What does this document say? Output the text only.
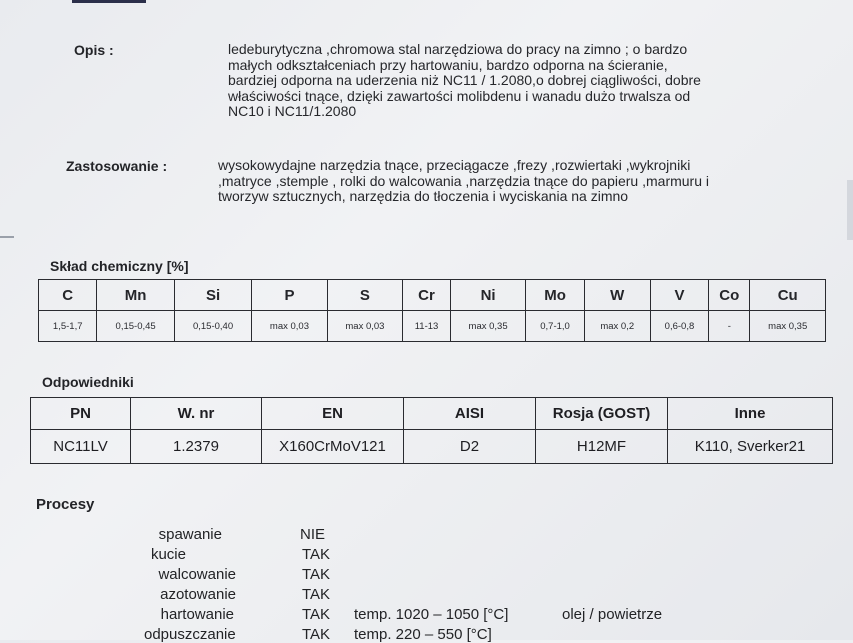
Opis :	ledeburytyczna ,chromowa stal narzędziowa do pracy na zimno ; o bardzo
małych odkształceniach przy hartowaniu, bardzo odporna na ścieranie,
bardziej odporna na uderzenia niż NC11 / 1.2080,o dobrej ciągliwości, dobre
właściwości tnące, dzięki zawartości molibdenu i wanadu dużo trwalsza od
NC10 i NC11/1.2080
Zastosowanie :	wysokowydajne narzędzia tnące, przeciągacze ,frezy ,rozwiertaki ,wykrojniki
,matryce ,stemple , rolki do walcowania ,narzędzia tnące do papieru ,marmuru i
tworzyw sztucznych, narzędzia do tłoczenia i wyciskania na zimno
Skład chemiczny [%]
C	Mn	Si	P	S	Cr	Ni	Mo	W	V	Co	Cu
1,5-1,7	0,15-0,45	0,15-0,40	max 0,03	max 0,03	11-13	max 0,35	0,7-1,0	max 0,2	0,6-0,8	-	max 0,35
Odpowiedniki
PN	W. nr	EN	AISI	Rosja (GOST)	Inne
NC11LV	1.2379	X160CrMoV121	D2	H12MF	K110, Sverker21
Procesy
spawanie	NIE
kucie	TAK
walcowanie	TAK
azotowanie	TAK
hartowanie	TAK temp. 1020 – 1050 [°C]	olej / powietrze
odpuszczanie	TAK temp. 220 – 550 [°C]
